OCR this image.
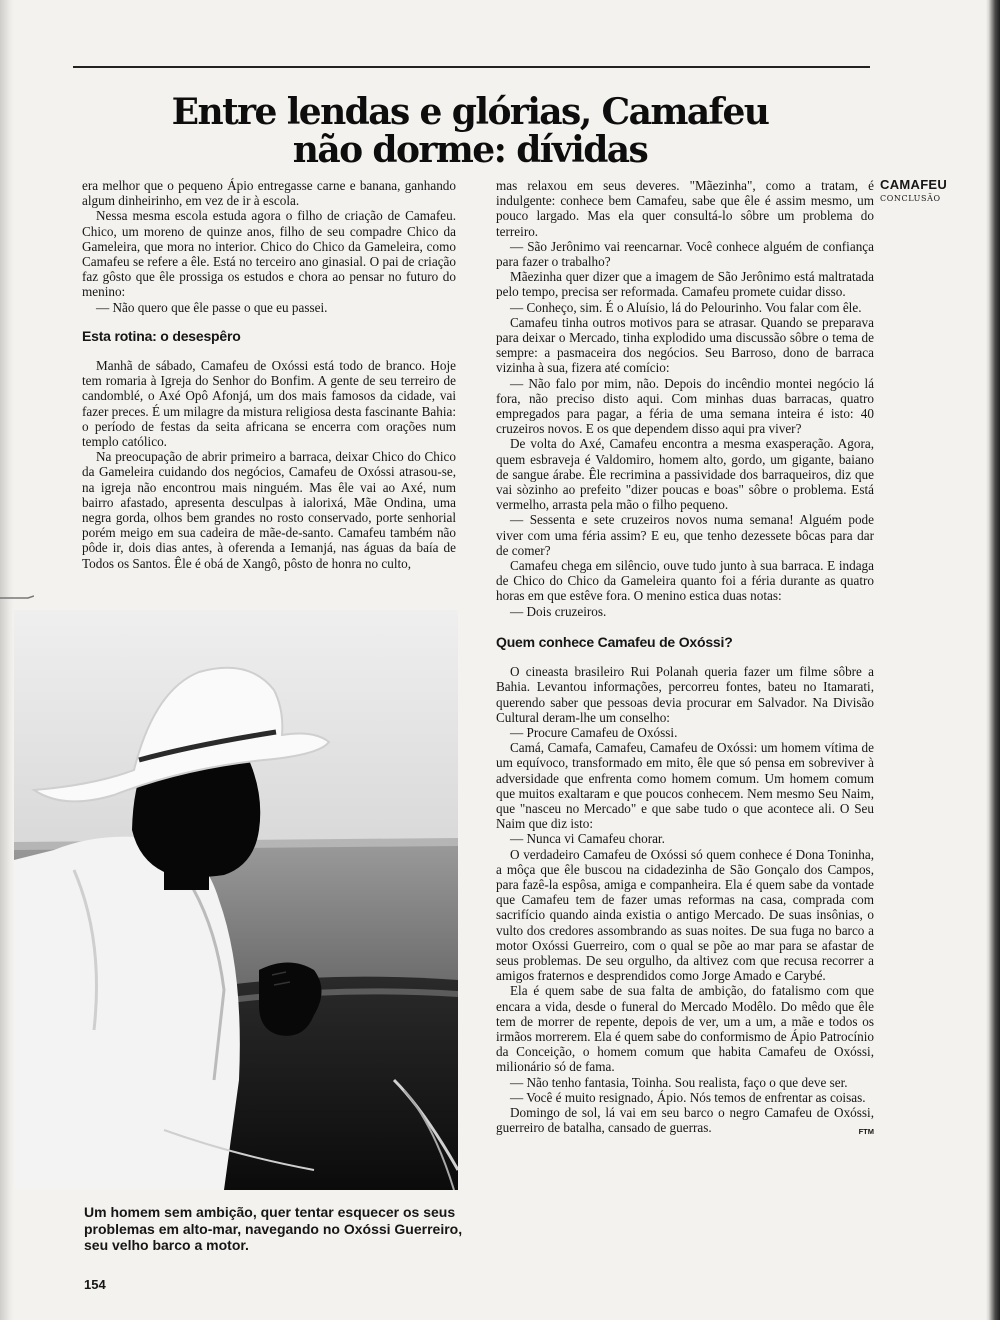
Entre lendas e glórias, Camafeu
não dorme: dívidas
CAMAFEU
CONCLUSÃO

era melhor que o pequeno Ápio entregasse carne e banana, ganhando algum dinheirinho, em vez de ir à escola.

Nessa mesma escola estuda agora o filho de criação de Camafeu. Chico, um moreno de quinze anos, filho de seu compadre Chico da Gameleira, que mora no interior. Chico do Chico da Gameleira, como Camafeu se refere a êle. Está no terceiro ano ginasial. O pai de criação faz gôsto que êle prossiga os estudos e chora ao pensar no futuro do menino:

— Não quero que êle passe o que eu passei.

Esta rotina: o desespêro

Manhã de sábado, Camafeu de Oxóssi está todo de branco. Hoje tem romaria à Igreja do Senhor do Bonfim. A gente de seu terreiro de candomblé, o Axé Opô Afonjá, um dos mais famosos da cidade, vai fazer preces. É um milagre da mistura religiosa desta fascinante Bahia: o período de festas da seita africana se encerra com orações num templo católico.

Na preocupação de abrir primeiro a barraca, deixar Chico do Chico da Gameleira cuidando dos negócios, Camafeu de Oxóssi atrasou-se, na igreja não encontrou mais ninguém. Mas êle vai ao Axé, num bairro afastado, apresenta desculpas à ialorixá, Mãe Ondina, uma negra gorda, olhos bem grandes no rosto conservado, porte senhorial porém meigo em sua cadeira de mãe-de-santo. Camafeu também não pôde ir, dois dias antes, à oferenda a Iemanjá, nas águas da baía de Todos os Santos. Êle é obá de Xangô, pôsto de honra no culto,

Um homem sem ambição, quer tentar esquecer os seus problemas em alto-mar, navegando no Oxóssi Guerreiro, seu velho barco a motor.

mas relaxou em seus deveres. "Mãezinha", como a tratam, é indulgente: conhece bem Camafeu, sabe que êle é assim mesmo, um pouco largado. Mas ela quer consultá-lo sôbre um problema do terreiro.

— São Jerônimo vai reencarnar. Você conhece alguém de confiança para fazer o trabalho?

Mãezinha quer dizer que a imagem de São Jerônimo está maltratada pelo tempo, precisa ser reformada. Camafeu promete cuidar disso.

— Conheço, sim. É o Aluísio, lá do Pelourinho. Vou falar com êle.

Camafeu tinha outros motivos para se atrasar. Quando se preparava para deixar o Mercado, tinha explodido uma discussão sôbre o tema de sempre: a pasmaceira dos negócios. Seu Barroso, dono de barraca vizinha à sua, fizera até comício:

— Não falo por mim, não. Depois do incêndio montei negócio lá fora, não preciso disto aqui. Com minhas duas barracas, quatro empregados para pagar, a féria de uma semana inteira é isto: 40 cruzeiros novos. E os que dependem disso aqui pra viver?

De volta do Axé, Camafeu encontra a mesma exasperação. Agora, quem esbraveja é Valdomiro, homem alto, gordo, um gigante, baiano de sangue árabe. Êle recrimina a passividade dos barraqueiros, diz que vai sòzinho ao prefeito "dizer poucas e boas" sôbre o problema. Está vermelho, arrasta pela mão o filho pequeno.

— Sessenta e sete cruzeiros novos numa semana! Alguém pode viver com uma féria assim? E eu, que tenho dezessete bôcas para dar de comer?

Camafeu chega em silêncio, ouve tudo junto à sua barraca. E indaga de Chico do Chico da Gameleira quanto foi a féria durante as quatro horas em que estêve fora. O menino estica duas notas:

— Dois cruzeiros.

Quem conhece Camafeu de Oxóssi?

O cineasta brasileiro Rui Polanah queria fazer um filme sôbre a Bahia. Levantou informações, percorreu fontes, bateu no Itamarati, querendo saber que pessoas devia procurar em Salvador. Na Divisão Cultural deram-lhe um conselho:

— Procure Camafeu de Oxóssi.

Camá, Camafa, Camafeu, Camafeu de Oxóssi: um homem vítima de um equívoco, transformado em mito, êle que só pensa em sobreviver à adversidade que enfrenta como homem comum. Um homem comum que muitos exaltaram e que poucos conhecem. Nem mesmo Seu Naim, que "nasceu no Mercado" e que sabe tudo o que acontece ali. O Seu Naim que diz isto:

— Nunca vi Camafeu chorar.

O verdadeiro Camafeu de Oxóssi só quem conhece é Dona Toninha, a môça que êle buscou na cidadezinha de São Gonçalo dos Campos, para fazê-la espôsa, amiga e companheira. Ela é quem sabe da vontade que Camafeu tem de fazer umas reformas na casa, comprada com sacrifício quando ainda existia o antigo Mercado. De suas insônias, o vulto dos credores assombrando as suas noites. De sua fuga no barco a motor Oxóssi Guerreiro, com o qual se põe ao mar para se afastar de seus problemas. De seu orgulho, da altivez com que recusa recorrer a amigos fraternos e desprendidos como Jorge Amado e Carybé.

Ela é quem sabe de sua falta de ambição, do fatalismo com que encara a vida, desde o funeral do Mercado Modêlo. Do mêdo que êle tem de morrer de repente, depois de ver, um a um, a mãe e todos os irmãos morrerem. Ela é quem sabe do conformismo de Ápio Patrocínio da Conceição, o homem comum que habita Camafeu de Oxóssi, milionário só de fama.

— Não tenho fantasia, Toinha. Sou realista, faço o que deve ser.

— Você é muito resignado, Ápio. Nós temos de enfrentar as coisas.

Domingo de sol, lá vai em seu barco o negro Camafeu de Oxóssi, guerreiro de batalha, cansado de guerras.	FTM

154
